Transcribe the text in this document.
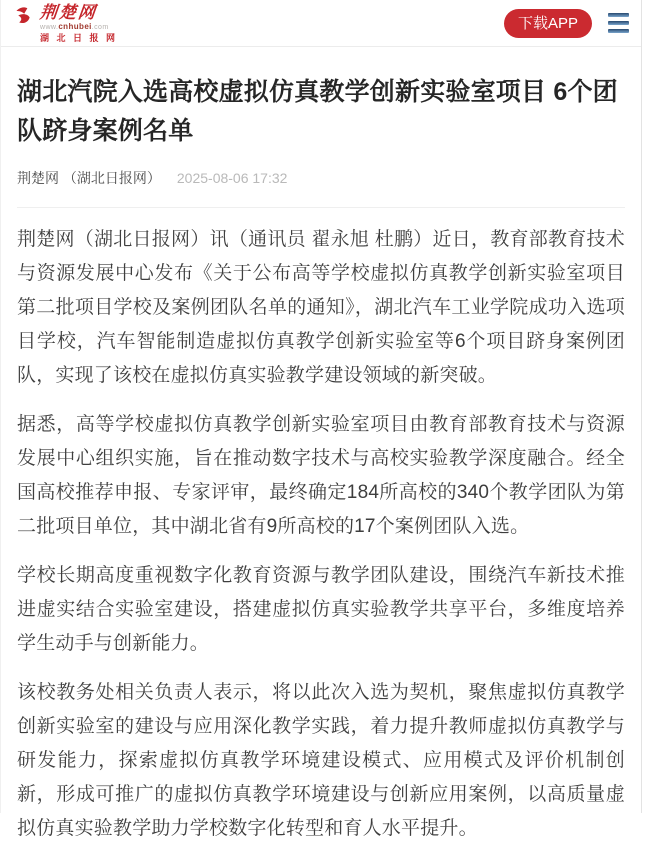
荆楚网
www.cnhubei.com
湖北日报网
下载APP
湖北汽院入选高校虚拟仿真教学创新实验室项目 6个团队跻身案例名单
荆楚网 （湖北日报网） 2025-08-06 17:32

荆楚网（湖北日报网）讯（通讯员 翟永旭 杜鹏）近日，教育部教育技术与资源发展中心发布《关于公布高等学校虚拟仿真教学创新实验室项目第二批项目学校及案例团队名单的通知》，湖北汽车工业学院成功入选项目学校，汽车智能制造虚拟仿真教学创新实验室等6个项目跻身案例团队，实现了该校在虚拟仿真实验教学建设领域的新突破。

据悉，高等学校虚拟仿真教学创新实验室项目由教育部教育技术与资源发展中心组织实施，旨在推动数字技术与高校实验教学深度融合。经全国高校推荐申报、专家评审，最终确定184所高校的340个教学团队为第二批项目单位，其中湖北省有9所高校的17个案例团队入选。

学校长期高度重视数字化教育资源与教学团队建设，围绕汽车新技术推进虚实结合实验室建设，搭建虚拟仿真实验教学共享平台，多维度培养学生动手与创新能力。

该校教务处相关负责人表示，将以此次入选为契机，聚焦虚拟仿真教学创新实验室的建设与应用深化教学实践，着力提升教师虚拟仿真教学与研发能力，探索虚拟仿真教学环境建设模式、应用模式及评价机制创新，形成可推广的虚拟仿真教学环境建设与创新应用案例，以高质量虚拟仿真实验教学助力学校数字化转型和育人水平提升。
